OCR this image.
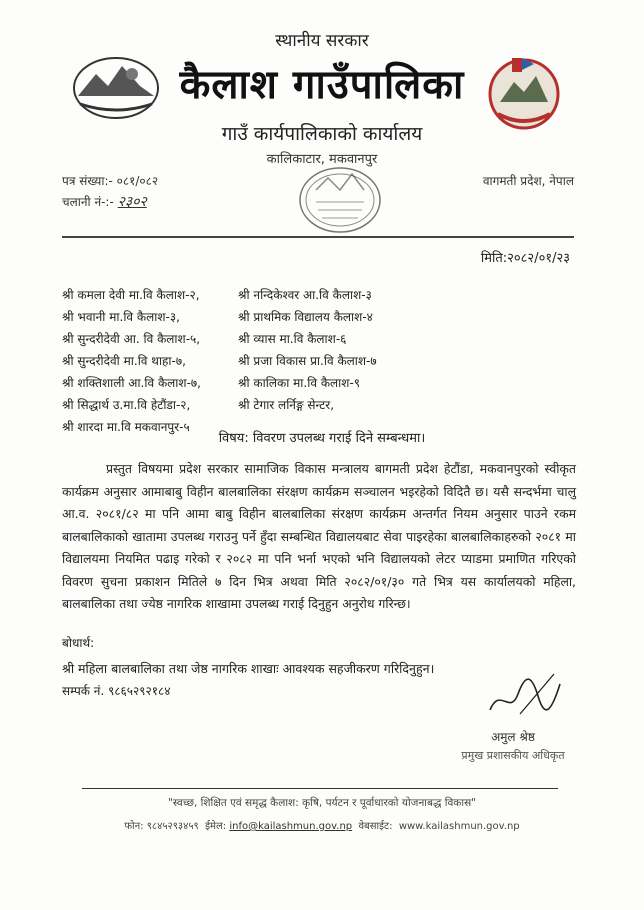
स्थानीय सरकार
कैलाश गाउँपालिका
गाउँ कार्यपालिकाको कार्यालय
कालिकाटार, मकवानपुर
पत्र संख्या:- ०८१/०८२
चलानी नं-:- २३०२
वागमती प्रदेश, नेपाल
मिति:२०८२/०१/२३
श्री कमला देवी मा.वि कैलाश-२,
श्री भवानी मा.वि कैलाश-३,
श्री सुन्दरीदेवी आ. वि कैलाश-५,
श्री सुन्दरीदेवी मा.वि थाहा-७,
श्री शक्तिशाली आ.वि कैलाश-७,
श्री सिद्धार्थ उ.मा.वि हेटौंडा-२,
श्री शारदा मा.वि मकवानपुर-५
श्री नन्दिकेश्वर आ.वि कैलाश-३
श्री प्राथमिक विद्यालय कैलाश-४
श्री व्यास मा.वि कैलाश-६
श्री प्रजा विकास प्रा.वि कैलाश-७
श्री कालिका मा.वि कैलाश-९
श्री टेगार लर्निङ्ग सेन्टर,
विषय: विवरण उपलब्ध गराई दिने सम्बन्धमा।

प्रस्तुत विषयमा प्रदेश सरकार सामाजिक विकास मन्त्रालय बागमती प्रदेश हेटौंडा, मकवानपुरको स्वीकृत कार्यक्रम अनुसार आमाबाबु विहीन बालबालिका संरक्षण कार्यक्रम सञ्चालन भइरहेको विदितै छ। यसै सन्दर्भमा चालु आ.व. २०८१/८२ मा पनि आमा बाबु विहीन बालबालिका संरक्षण कार्यक्रम अन्तर्गत नियम अनुसार पाउने रकम बालबालिकाको खातामा उपलब्ध गराउनु पर्ने हुँदा सम्बन्धित विद्यालयबाट सेवा पाइरहेका बालबालिकाहरुको २०८१ मा विद्यालयमा नियमित पढाइ गरेको र २०८२ मा पनि भर्ना भएको भनि विद्यालयको लेटर प्याडमा प्रमाणित गरिएको विवरण सुचना प्रकाशन मितिले ७ दिन भित्र अथवा मिति २०८२/०१/३० गते भित्र यस कार्यालयको महिला, बालबालिका तथा ज्येष्ठ नागरिक शाखामा उपलब्ध गराई दिनुहुन अनुरोध गरिन्छ।

बोधार्थ:
श्री महिला बालबालिका तथा जेष्ठ नागरिक शाखाः आवश्यक सहजीकरण गरिदिनुहुन।
सम्पर्क नं. ९८६५२९२१८४
अमुल श्रेष्ठ
प्रमुख प्रशासकीय अधिकृत
"स्वच्छ, शिक्षित एवं समृद्ध कैलाश: कृषि, पर्यटन र पूर्वाधारको योजनाबद्ध विकास"
फोन: ९८४५२९३४५९ ईमेल: info@kailashmun.gov.np वेबसाईट: www.kailashmun.gov.np
